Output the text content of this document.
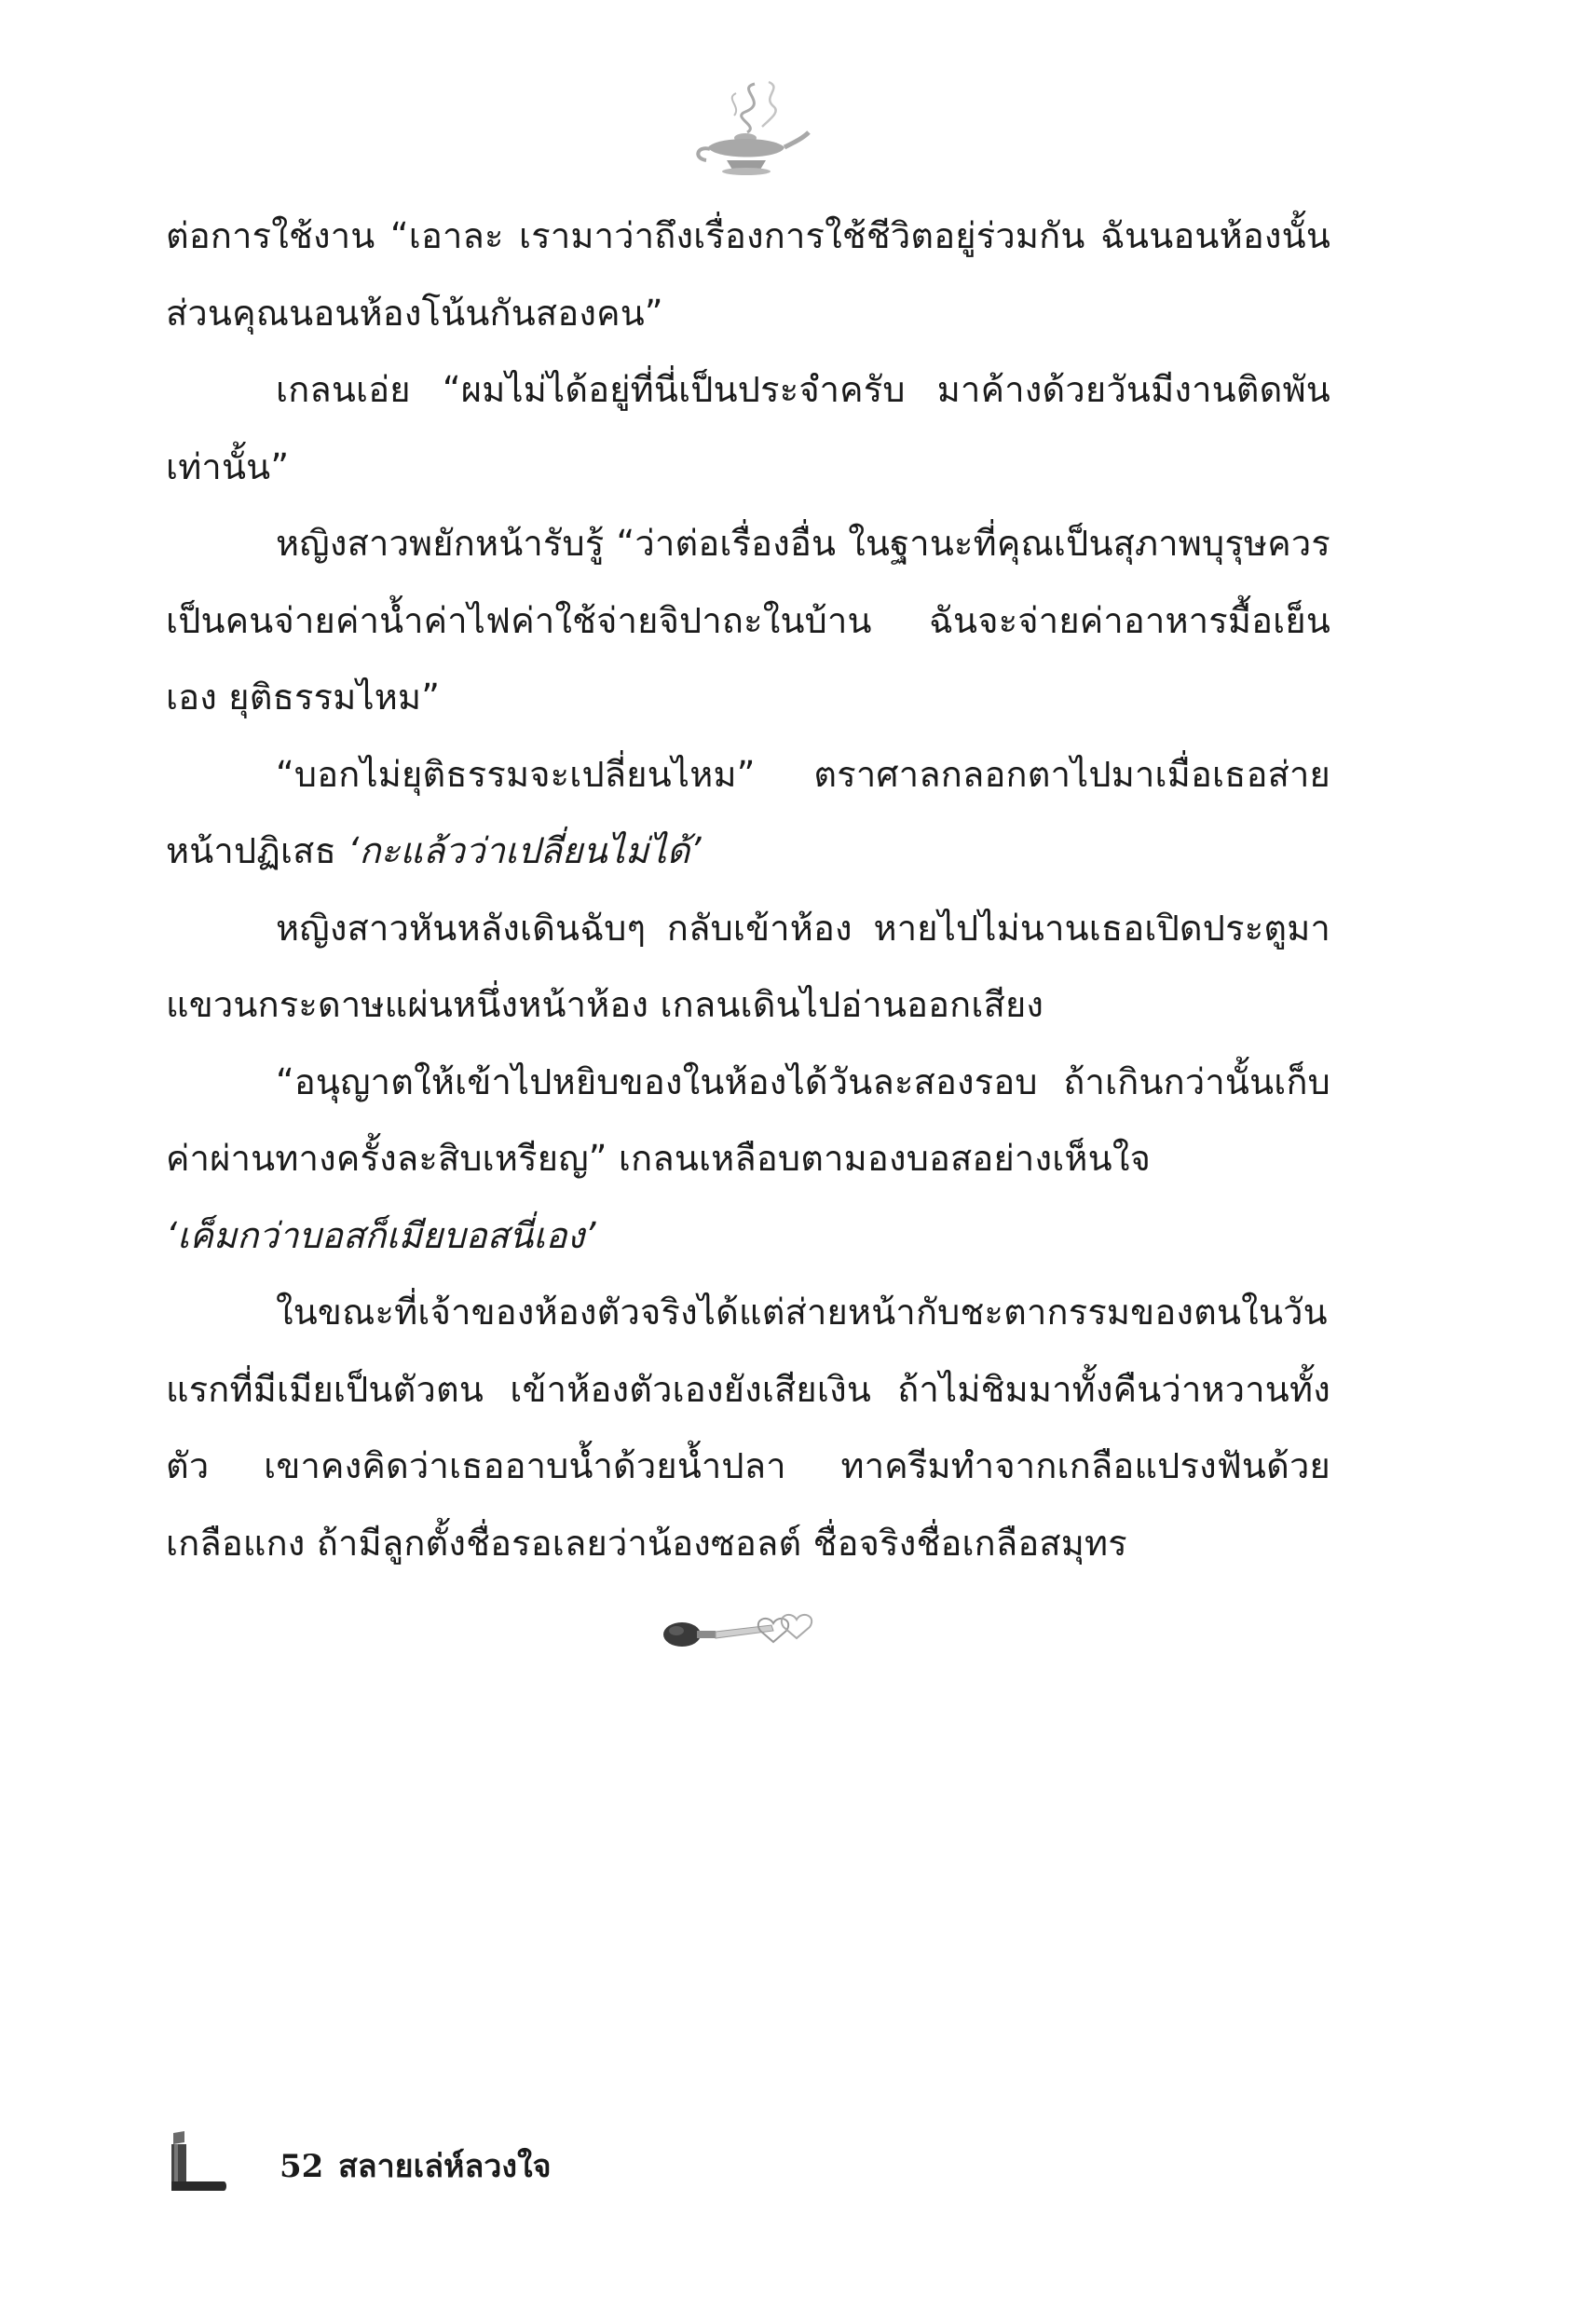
ต่อการใช้งาน “เอาละ เรามาว่าถึงเรื่องการใช้ชีวิตอยู่ร่วมกัน ฉันนอนห้องนั้น ส่วนคุณนอนห้องโน้นกันสองคน”

เกลนเอ่ย “ผมไม่ได้อยู่ที่นี่เป็นประจำครับ มาค้างด้วยวันมีงานติดพันเท่านั้น”

หญิงสาวพยักหน้ารับรู้ “ว่าต่อเรื่องอื่น ในฐานะที่คุณเป็นสุภาพบุรุษควรเป็นคนจ่ายค่าน้ำค่าไฟค่าใช้จ่ายจิปาถะในบ้าน ฉันจะจ่ายค่าอาหารมื้อเย็นเอง ยุติธรรมไหม”

“บอกไม่ยุติธรรมจะเปลี่ยนไหม” ตราศาลกลอกตาไปมาเมื่อเธอส่ายหน้าปฏิเสธ ‘กะแล้วว่าเปลี่ยนไม่ได้’

หญิงสาวหันหลังเดินฉับๆ กลับเข้าห้อง หายไปไม่นานเธอเปิดประตูมาแขวนกระดาษแผ่นหนึ่งหน้าห้อง เกลนเดินไปอ่านออกเสียง

“อนุญาตให้เข้าไปหยิบของในห้องได้วันละสองรอบ ถ้าเกินกว่านั้นเก็บค่าผ่านทางครั้งละสิบเหรียญ” เกลนเหลือบตามองบอสอย่างเห็นใจ

‘เค็มกว่าบอสก็เมียบอสนี่เอง’

ในขณะที่เจ้าของห้องตัวจริงได้แต่ส่ายหน้ากับชะตากรรมของตนในวันแรกที่มีเมียเป็นตัวตน เข้าห้องตัวเองยังเสียเงิน ถ้าไม่ชิมมาทั้งคืนว่าหวานทั้งตัว เขาคงคิดว่าเธออาบน้ำด้วยน้ำปลา ทาครีมทำจากเกลือแปรงฟันด้วยเกลือแกง ถ้ามีลูกตั้งชื่อรอเลยว่าน้องซอลต์ ชื่อจริงชื่อเกลือสมุทร

52 สลายเล่ห์ลวงใจ
